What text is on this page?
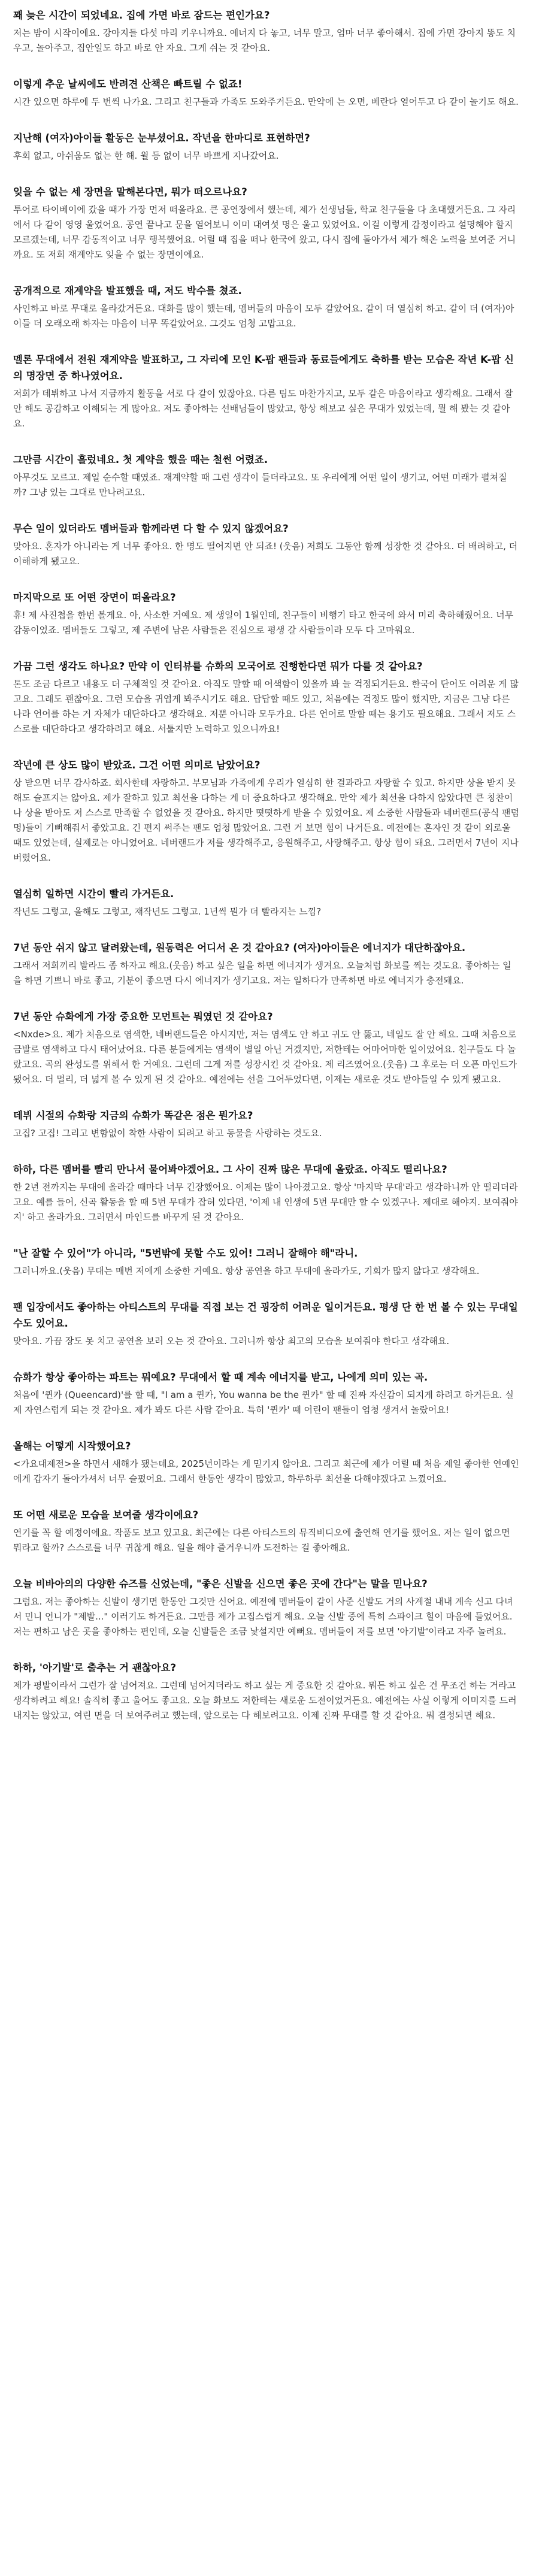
꽤 늦은 시간이 되었네요. 집에 가면 바로 잠드는 편인가요?

저는 밤이 시작이에요. 강아지들 다섯 마리 키우니까요. 에너지 다 놓고, 너무 말고, 엄마 너무 좋아해서. 집에 가면 강아지 똥도 치우고, 놀아주고, 집안일도 하고 바로 안 자요. 그게 쉬는 것 같아요.

이렇게 추운 날씨에도 반려견 산책은 빠트릴 수 없죠!

시간 있으면 하루에 두 번씩 나가요. 그리고 친구들과 가족도 도와주거든요. 만약에 는 오면, 베란다 열어두고 다 같이 놀기도 해요.

지난해 (여자)아이들 활동은 눈부셨어요. 작년을 한마디로 표현하면?

후회 없고, 아쉬움도 없는 한 해. 윌 등 없이 너무 바쁘게 지나갔어요.

잊을 수 없는 세 장면을 말해본다면, 뭐가 떠오르나요?

투어로 타이베이에 갔을 때가 가장 먼저 떠올라요. 큰 공연장에서 했는데, 제가 선생님들, 학교 친구들을 다 초대했거든요. 그 자리에서 다 같이 영영 울었어요. 공연 끝나고 문을 열어보니 이미 대여섯 명은 울고 있었어요. 이걸 이렇게 감정이라고 설명해야 할지 모르겠는데, 너무 감동적이고 너무 행복했어요. 어릴 때 집을 떠나 한국에 왔고, 다시 집에 돌아가서 제가 해온 노력을 보여준 거니까요. 또 저희 재계약도 잊을 수 없는 장면이에요.

공개적으로 재계약을 발표했을 때, 저도 박수를 쳤죠.

사인하고 바로 무대로 올라갔거든요. 대화를 많이 했는데, 멤버들의 마음이 모두 같았어요. 같이 더 열심히 하고. 같이 더 (여자)아이들 더 오래오래 하자는 마음이 너무 똑같았어요. 그것도 엄청 고맙고요.

멜론 무대에서 전원 재계약을 발표하고, 그 자리에 모인 K-팝 팬들과 동료들에게도 축하를 받는 모습은 작년 K-팝 신의 명장면 중 하나였어요.

저희가 데뷔하고 나서 지금까지 활동을 서로 다 같이 있잖아요. 다른 팀도 마찬가지고, 모두 같은 마음이라고 생각해요. 그래서 잘 안 해도 공감하고 이해되는 게 많아요. 저도 좋아하는 선배님들이 많았고, 항상 해보고 싶은 무대가 있었는데, 뭘 해 봤는 것 같아요.

그만큼 시간이 흘렀네요. 첫 계약을 했을 때는 철썬 어렸죠.

아무것도 모르고. 제일 순수할 때였죠. 재계약할 때 그런 생각이 들더라고요. 또 우리에게 어떤 일이 생기고, 어떤 미래가 펼쳐질까? 그냥 있는 그대로 만나려고요.

무슨 일이 있더라도 멤버들과 함께라면 다 할 수 있지 않겠어요?

맞아요. 혼자가 아니라는 게 너무 좋아요. 한 명도 떨어지면 안 되죠! (웃음) 저희도 그동안 함께 성장한 것 같아요. 더 배려하고, 더 이해하게 됐고요.

마지막으로 또 어떤 장면이 떠올라요?

휴! 제 사진첩을 한번 볼게요. 아, 사소한 거예요. 제 생일이 1월인데, 친구들이 비행기 타고 한국에 와서 미리 축하해줬어요. 너무 감동이었죠. 멤버들도 그렇고, 제 주변에 남은 사람들은 진심으로 평생 갈 사람들이라 모두 다 고마워요.

가끔 그런 생각도 하나요? 만약 이 인터뷰를 슈화의 모국어로 진행한다면 뭐가 다를 것 같아요?

톤도 조금 다르고 내용도 더 구체적일 것 같아요. 아직도 말할 때 어색함이 있을까 봐 늘 걱정되거든요. 한국어 단어도 어려운 게 많고요. 그래도 괜찮아요. 그런 모습을 귀엽게 봐주시기도 해요. 답답할 때도 있고, 처음에는 걱정도 많이 했지만, 지금은 그냥 다른 나라 언어를 하는 거 자체가 대단하다고 생각해요. 저뿐 아니라 모두가요. 다른 언어로 말할 때는 용기도 필요해요. 그래서 저도 스스로를 대단하다고 생각하려고 해요. 서툴지만 노력하고 있으니까요!

작년에 큰 상도 많이 받았죠. 그건 어떤 의미로 남았어요?

상 받으면 너무 감사하죠. 회사한테 자랑하고. 부모님과 가족에게 우리가 열심히 한 결과라고 자랑할 수 있고. 하지만 상을 받지 못해도 슬프지는 않아요. 제가 잘하고 있고 최선을 다하는 게 더 중요하다고 생각해요. 만약 제가 최선을 다하지 않았다면 큰 칭찬이나 상을 받아도 저 스스로 만족할 수 없었을 것 같아요. 하지만 떳떳하게 받을 수 있었어요. 제 소중한 사람들과 네버랜드(공식 팬덤명)들이 기뻐해줘서 좋았고요. 긴 편지 써주는 팬도 엄청 많았어요. 그런 거 보면 힘이 나거든요. 예전에는 혼자인 것 같이 외로울 때도 있었는데, 실제로는 아니었어요. 네버랜드가 저를 생각해주고, 응원해주고, 사랑해주고. 항상 힘이 돼요. 그러면서 7년이 지나버렸어요.

열심히 일하면 시간이 빨리 가거든요.

작년도 그렇고, 올해도 그렇고, 재작년도 그렇고. 1년씩 뭔가 더 빨라지는 느낌?

7년 동안 쉬지 않고 달려왔는데, 원동력은 어디서 온 것 같아요? (여자)아이들은 에너지가 대단하잖아요.

그래서 저희끼리 발라드 좀 하자고 해요.(웃음) 하고 싶은 일을 하면 에너지가 생겨요. 오늘처럼 화보를 찍는 것도요. 좋아하는 일을 하면 기쁘니 바로 좋고, 기분이 좋으면 다시 에너지가 생기고요. 저는 일하다가 만족하면 바로 에너지가 충전돼요.

7년 동안 슈화에게 가장 중요한 모먼트는 뭐였던 것 같아요?

<Nxde>요. 제가 처음으로 염색한, 네버랜드들은 아시지만, 저는 염색도 안 하고 귀도 안 뚫고, 네일도 잘 안 해요. 그때 처음으로 금발로 염색하고 다시 태어났어요. 다른 분들에게는 염색이 별일 아닌 거겠지만, 저한테는 어마어마한 일이었어요. 친구들도 다 놀랐고요. 곡의 완성도를 위해서 한 거예요. 그런데 그게 저를 성장시킨 것 같아요. 제 리즈였어요.(웃음) 그 후로는 더 오픈 마인드가 됐어요. 더 멀리, 더 넓게 볼 수 있게 된 것 같아요. 예전에는 선을 그어두었다면, 이제는 새로운 것도 받아들일 수 있게 됐고요.

데뷔 시절의 슈화랑 지금의 슈화가 똑같은 점은 뭔가요?

고집? 고집! 그리고 변함없이 착한 사람이 되려고 하고 동물을 사랑하는 것도요.

하하, 다른 멤버를 빨리 만나서 물어봐야겠어요. 그 사이 진짜 많은 무대에 올랐죠. 아직도 떨리나요?

한 2년 전까지는 무대에 올라갈 때마다 너무 긴장했어요. 이제는 많이 나아졌고요. 항상 '마지막 무대'라고 생각하니까 안 떨리더라고요. 예를 들어, 신곡 활동을 할 때 5번 무대가 잡혀 있다면, '이제 내 인생에 5번 무대만 할 수 있겠구나. 제대로 해야지. 보여줘야지' 하고 올라가요. 그러면서 마인드를 바꾸게 된 것 같아요.

"난 잘할 수 있어"가 아니라, "5번밖에 못할 수도 있어! 그러니 잘해야 해"라니.

그러니까요.(웃음) 무대는 매번 저에게 소중한 거예요. 항상 공연을 하고 무대에 올라가도, 기회가 많지 않다고 생각해요.

팬 입장에서도 좋아하는 아티스트의 무대를 직접 보는 건 굉장히 어려운 일이거든요. 평생 단 한 번 볼 수 있는 무대일 수도 있어요.

맞아요. 가끔 장도 못 치고 공연을 보러 오는 것 같아요. 그러니까 항상 최고의 모습을 보여줘야 한다고 생각해요.

슈화가 항상 좋아하는 파트는 뭐예요? 무대에서 할 때 계속 에너지를 받고, 나에게 의미 있는 곡.

처음에 '퀸카 (Queencard)'를 할 때, "I am a 퀸카, You wanna be the 퀸카" 할 때 진짜 자신감이 되지게 하려고 하거든요. 실제 자연스럽게 되는 것 같아요. 제가 봐도 다른 사람 같아요. 특히 '퀸카' 때 어린이 팬들이 엄청 생겨서 놀랐어요!

올해는 어떻게 시작했어요?

<가요대제전>을 하면서 새해가 됐는데요, 2025년이라는 게 믿기지 않아요. 그리고 최근에 제가 어릴 때 처음 제일 좋아한 연예인에게 갑자기 돌아가셔서 너무 슬펐어요. 그래서 한동안 생각이 많았고, 하루하루 최선을 다해야겠다고 느꼈어요.

또 어떤 새로운 모습을 보여줄 생각이에요?

연기를 꼭 할 예정이에요. 작품도 보고 있고요. 최근에는 다른 아티스트의 뮤직비디오에 출연해 연기를 했어요. 저는 일이 없으면 뭐라고 할까? 스스로를 너무 귀찮게 해요. 일을 해야 즐거우니까 도전하는 걸 좋아해요.

오늘 비바아의의 다양한 슈즈를 신었는데, "좋은 신발을 신으면 좋은 곳에 간다"는 말을 믿나요?

그럼요. 저는 좋아하는 신발이 생기면 한동안 그것만 신어요. 예전에 멤버들이 같이 사준 신발도 거의 사계절 내내 계속 신고 다녀서 민니 언니가 "제발..." 이러기도 하거든요. 그만큼 제가 고집스럽게 해요. 오늘 신발 중에 특히 스파이크 힐이 마음에 들었어요. 저는 편하고 남은 곳을 좋아하는 편인데, 오늘 신발들은 조금 낯설지만 예뻐요. 멤버들이 저를 보면 '아기발'이라고 자주 놀려요.

하하, '아기발'로 출추는 거 괜찮아요?

제가 평발이라서 그런가 잘 넘어져요. 그런데 넘어지더라도 하고 싶는 게 중요한 것 같아요. 뭐든 하고 싶은 건 무조건 하는 거라고 생각하려고 해요! 솔직히 좋고 울어도 좋고요. 오늘 화보도 저한테는 새로운 도전이었거든요. 예전에는 사실 이렇게 이미지를 드러내지는 않았고, 여린 면을 더 보여주려고 했는데, 앞으로는 다 해보려고요. 이제 진짜 무대를 할 것 같아요. 뭐 결정되면 해요.
